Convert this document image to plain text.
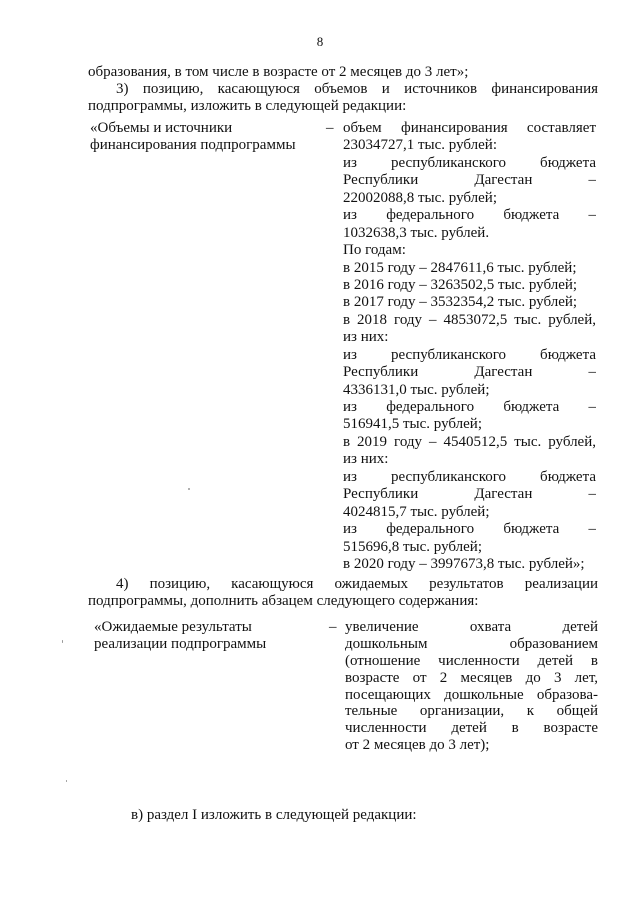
8
образования, в том числе в возрасте от 2 месяцев до 3 лет»;
3) позицию, касающуюся объемов и источников финансирования
подпрограммы, изложить в следующей редакции:
«Объемы и источники
финансирования подпрограммы
– объем финансирования составляет
23034727,1 тыс. рублей:
из республиканского бюджета
Республики Дагестан –
22002088,8 тыс. рублей;
из федерального бюджета –
1032638,3 тыс. рублей.
По годам:
в 2015 году – 2847611,6 тыс. рублей;
в 2016 году – 3263502,5 тыс. рублей;
в 2017 году – 3532354,2 тыс. рублей;
в 2018 году – 4853072,5 тыс. рублей,
из них:
из республиканского бюджета
Республики Дагестан –
4336131,0 тыс. рублей;
из федерального бюджета –
516941,5 тыс. рублей;
в 2019 году – 4540512,5 тыс. рублей,
из них:
из республиканского бюджета
Республики Дагестан –
4024815,7 тыс. рублей;
из федерального бюджета –
515696,8 тыс. рублей;
в 2020 году – 3997673,8 тыс. рублей»;
4) позицию, касающуюся ожидаемых результатов реализации
подпрограммы, дополнить абзацем следующего содержания:
«Ожидаемые результаты
реализации подпрограммы
– увеличение охвата детей
дошкольным образованием
(отношение численности детей в
возрасте от 2 месяцев до 3 лет,
посещающих дошкольные образова-
тельные организации, к общей
численности детей в возрасте
от 2 месяцев до 3 лет);
в) раздел I изложить в следующей редакции:
